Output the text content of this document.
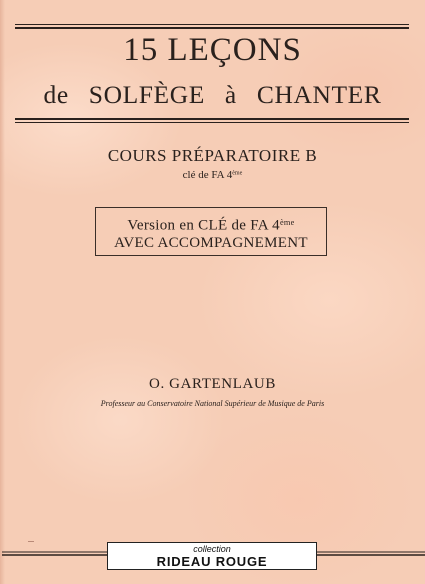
15 LEÇONS
de SOLFÈGE à CHANTER
COURS PRÉPARATOIRE B
clé de FA 4ème
Version en CLÉ de FA 4ème
AVEC ACCOMPAGNEMENT
O. GARTENLAUB
Professeur au Conservatoire National Supérieur de Musique de Paris
collection
RIDEAU ROUGE
